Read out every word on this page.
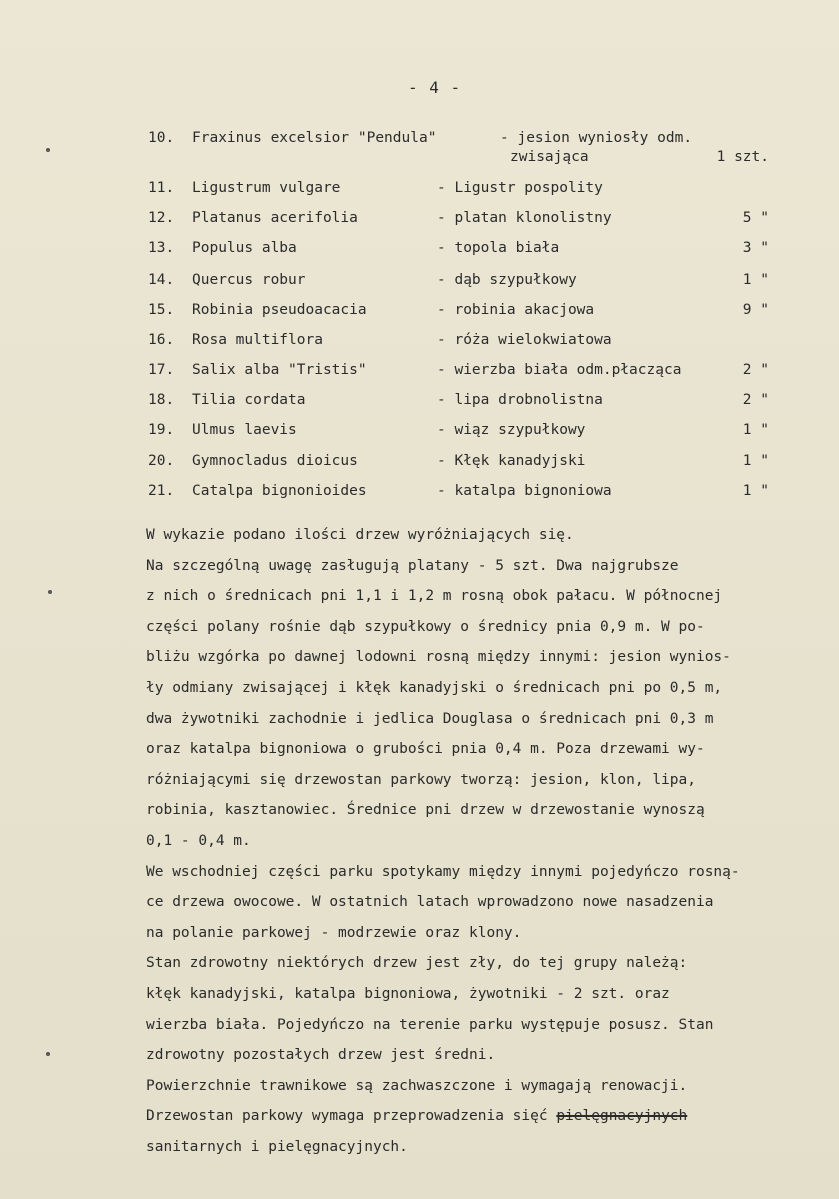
- 4 -
10. Fraxinus excelsior "Pendula"	- jesion wyniosły odm.
zwisająca	1 szt.
11. Ligustrum vulgare	- Ligustr pospolity
12. Platanus acerifolia	- platan klonolistny	5 "
13. Populus alba	- topola biała	3 "
14. Quercus robur	- dąb szypułkowy	1 "
15. Robinia pseudoacacia	- robinia akacjowa	9 "
16. Rosa multiflora	- róża wielokwiatowa
17. Salix alba "Tristis"	- wierzba biała odm.płacząca	2 "
18. Tilia cordata	- lipa drobnolistna	2 "
19. Ulmus laevis	- wiąz szypułkowy	1 "
20. Gymnocladus dioicus	- Kłęk kanadyjski	1 "
21. Catalpa bignonioides	- katalpa bignoniowa	1 "
W wykazie podano ilości drzew wyróżniających się.
Na szczególną uwagę zasługują platany - 5 szt. Dwa najgrubsze
z nich o średnicach pni 1,1 i 1,2 m rosną obok pałacu. W północnej
części polany rośnie dąb szypułkowy o średnicy pnia 0,9 m. W po-
bliżu wzgórka po dawnej lodowni rosną między innymi: jesion wynios-
ły odmiany zwisającej i kłęk kanadyjski o średnicach pni po 0,5 m,
dwa żywotniki zachodnie i jedlica Douglasa o średnicach pni 0,3 m
oraz katalpa bignoniowa o grubości pnia 0,4 m. Poza drzewami wy-
różniającymi się drzewostan parkowy tworzą: jesion, klon, lipa,
robinia, kasztanowiec. Średnice pni drzew w drzewostanie wynoszą
0,1 - 0,4 m.
We wschodniej części parku spotykamy między innymi pojedyńczo rosną-
ce drzewa owocowe. W ostatnich latach wprowadzono nowe nasadzenia
na polanie parkowej - modrzewie oraz klony.
Stan zdrowotny niektórych drzew jest zły, do tej grupy należą:
kłęk kanadyjski, katalpa bignoniowa, żywotniki - 2 szt. oraz
wierzba biała. Pojedyńczo na terenie parku występuje posusz. Stan
zdrowotny pozostałych drzew jest średni.
Powierzchnie trawnikowe są zachwaszczone i wymagają renowacji.
Drzewostan parkowy wymaga przeprowadzenia sięć pielęgnacyjnych
sanitarnych i pielęgnacyjnych.
